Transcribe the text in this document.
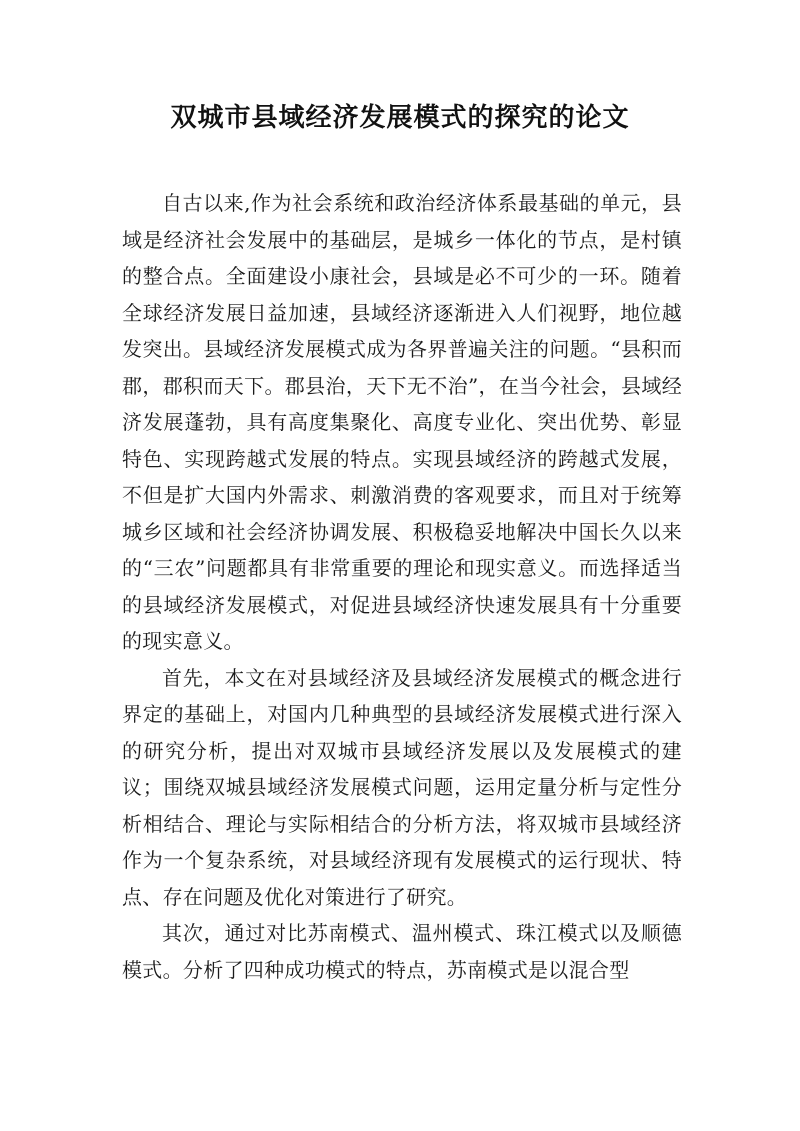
双城市县域经济发展模式的探究的论文

自古以来,作为社会系统和政治经济体系最基础的单元，县域是经济社会发展中的基础层，是城乡一体化的节点，是村镇的整合点。全面建设小康社会，县域是必不可少的一环。随着全球经济发展日益加速，县域经济逐渐进入人们视野，地位越发突出。县域经济发展模式成为各界普遍关注的问题。“县积而郡，郡积而天下。郡县治，天下无不治”，在当今社会，县域经济发展蓬勃，具有高度集聚化、高度专业化、突出优势、彰显特色、实现跨越式发展的特点。实现县域经济的跨越式发展，不但是扩大国内外需求、刺激消费的客观要求，而且对于统筹城乡区域和社会经济协调发展、积极稳妥地解决中国长久以来的“三农”问题都具有非常重要的理论和现实意义。而选择适当的县域经济发展模式，对促进县域经济快速发展具有十分重要的现实意义。

首先，本文在对县域经济及县域经济发展模式的概念进行界定的基础上，对国内几种典型的县域经济发展模式进行深入的研究分析，提出对双城市县域经济发展以及发展模式的建议；围绕双城县域经济发展模式问题，运用定量分析与定性分析相结合、理论与实际相结合的分析方法，将双城市县域经济作为一个复杂系统，对县域经济现有发展模式的运行现状、特点、存在问题及优化对策进行了研究。

其次，通过对比苏南模式、温州模式、珠江模式以及顺德模式。分析了四种成功模式的特点，苏南模式是以混合型
